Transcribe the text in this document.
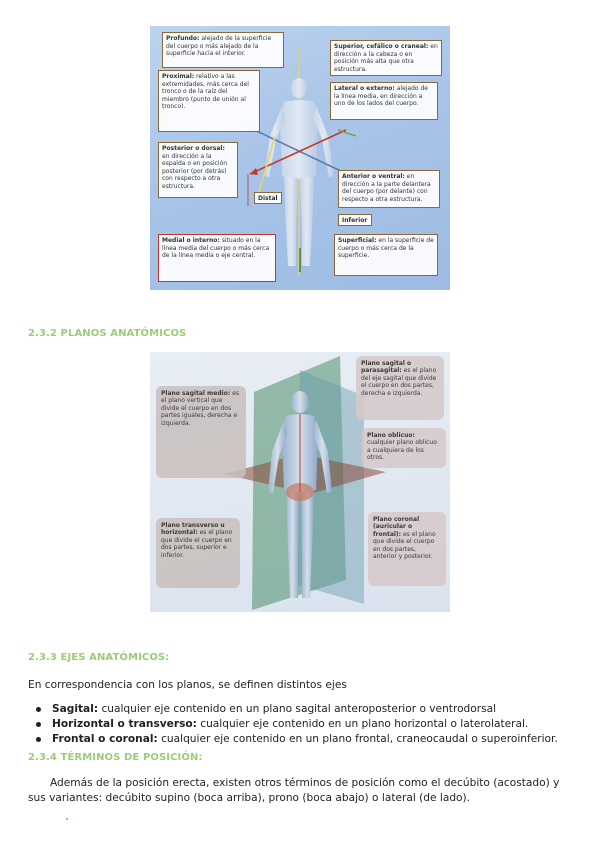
Profundo: alejado de la superficie del cuerpo o más alejado de la superficie hacia el interior.
Superior, cefálico o craneal: en dirección a la cabeza o en posición más alta que otra estructura.
Proximal: relativo a las extremidades, más cerca del tronco o de la raíz del miembro (punto de unión al tronco).
Lateral o externo: alejado de la línea media, en dirección a uno de los lados del cuerpo.
Posterior o dorsal: en dirección a la espalda o en posición posterior (por detrás) con respecto a otra estructura.
Distal
Anterior o ventral: en dirección a la parte delantera del cuerpo (por delante) con respecto a otra estructura.
Inferior
Medial o interno: situado en la línea media del cuerpo o más cerca de la línea media o eje central.
Superficial: en la superficie de cuerpo o más cerca de la superficie.
2.3.2 PLANOS ANATÓMICOS
Plano sagital o parasagital: es el plano del eje sagital que divide el cuerpo en dos partes, derecha e izquierda.
Plano sagital medio: es el plano vertical que divide el cuerpo en dos partes iguales, derecha e izquierda.
Plano oblicuo: cualquier plano oblicuo a cualquiera de los otros.
Plano transverso u horizontal: es el plano que divide el cuerpo en dos partes, superior e inferior.
Plano coronal (auricular o frontal): es el plano que divide el cuerpo en dos partes, anterior y posterior.
2.3.3 EJES ANATÓMICOS:
En correspondencia con los planos, se definen distintos ejes
Sagital: cualquier eje contenido en un plano sagital anteroposterior o ventrodorsal
Horizontal o transverso: cualquier eje contenido en un plano horizontal o laterolateral.
Frontal o coronal: cualquier eje contenido en un plano frontal, craneocaudal o superoinferior.
2.3.4 TÉRMINOS DE POSICIÓN:
Además de la posición erecta, existen otros términos de posición como el decúbito (acostado) y sus variantes: decúbito supino (boca arriba), prono (boca abajo) o lateral (de lado).
